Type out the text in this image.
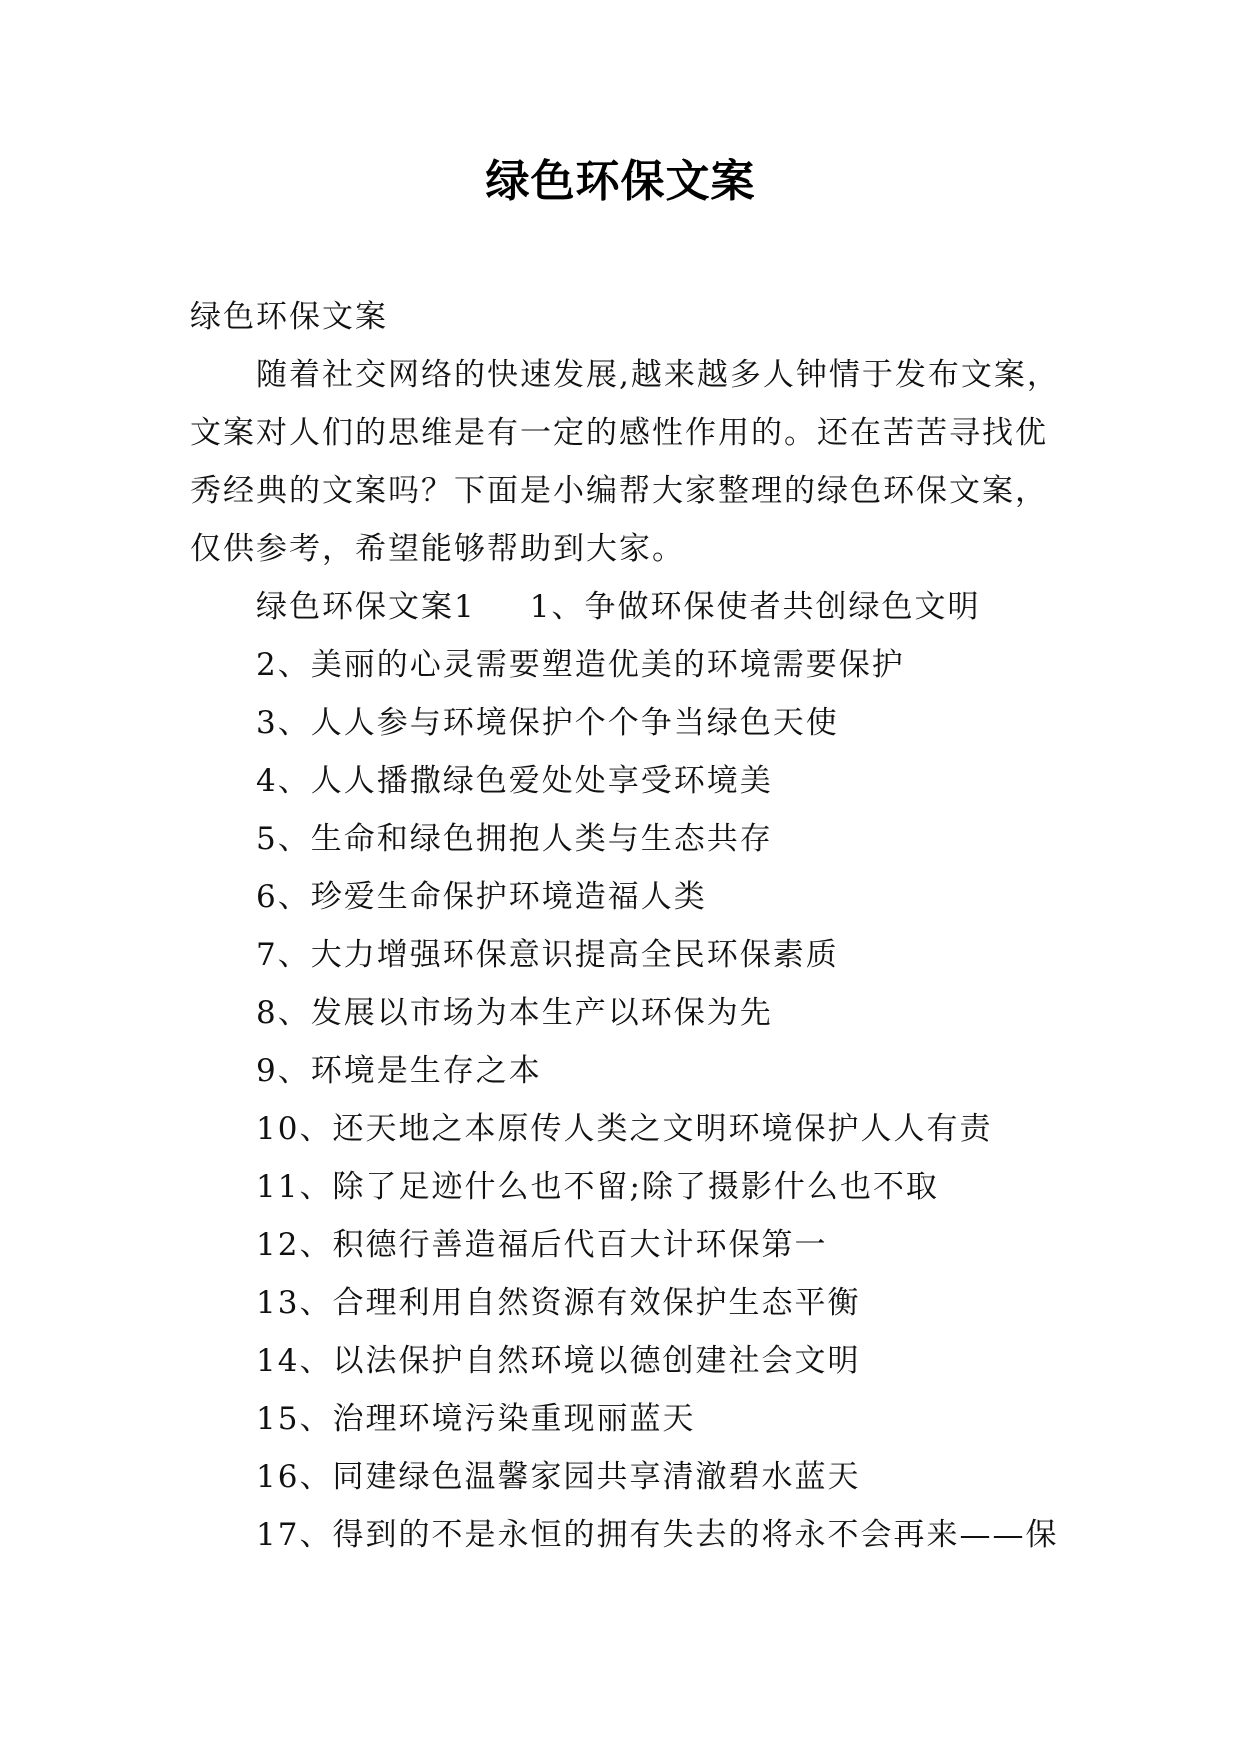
绿色环保文案

绿色环保文案

随着社交网络的快速发展,越来越多人钟情于发布文案，
文案对人们的思维是有一定的感性作用的。还在苦苦寻找优
秀经典的文案吗？下面是小编帮大家整理的绿色环保文案，
仅供参考，希望能够帮助到大家。

绿色环保文案1 1、争做环保使者共创绿色文明

2、美丽的心灵需要塑造优美的环境需要保护

3、人人参与环境保护个个争当绿色天使

4、人人播撒绿色爱处处享受环境美

5、生命和绿色拥抱人类与生态共存

6、珍爱生命保护环境造福人类

7、大力增强环保意识提高全民环保素质

8、发展以市场为本生产以环保为先

9、环境是生存之本

10、还天地之本原传人类之文明环境保护人人有责

11、除了足迹什么也不留;除了摄影什么也不取

12、积德行善造福后代百大计环保第一

13、合理利用自然资源有效保护生态平衡

14、以法保护自然环境以德创建社会文明

15、治理环境污染重现丽蓝天

16、同建绿色温馨家园共享清澈碧水蓝天

17、得到的不是永恒的拥有失去的将永不会再来——保
